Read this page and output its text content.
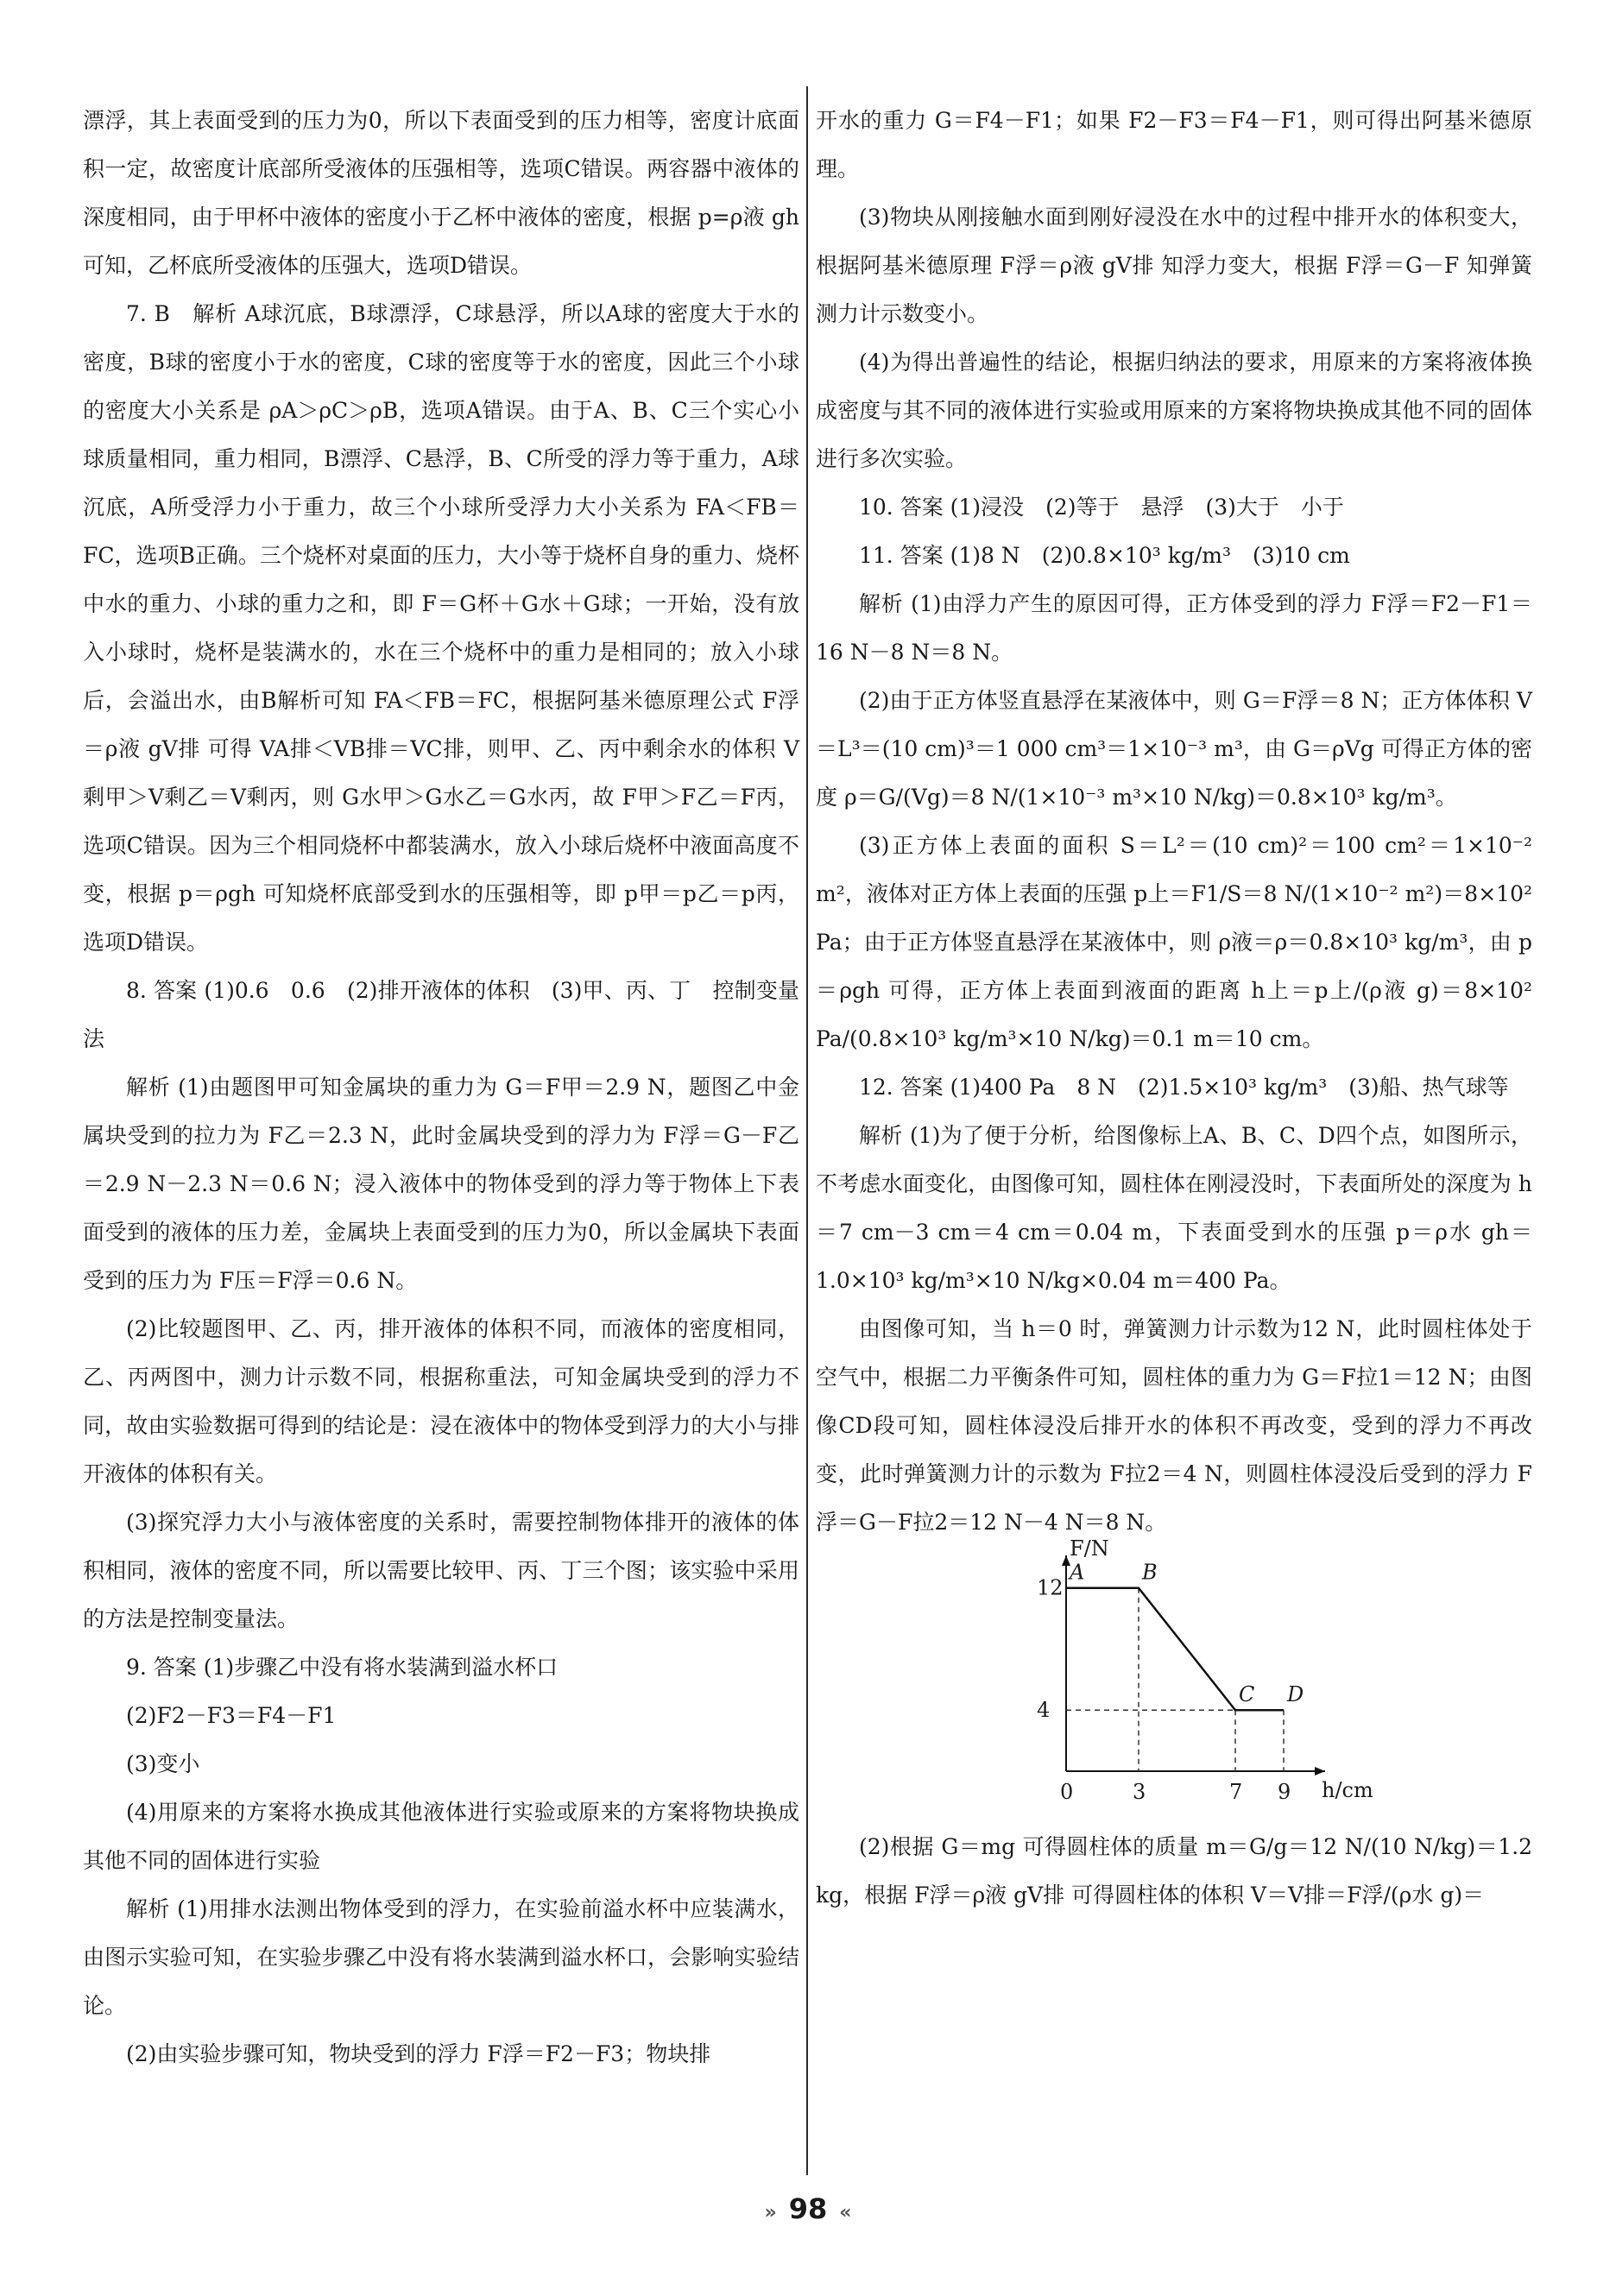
漂浮，其上表面受到的压力为0，所以下表面受到的压力相等，密度计底面积一定，故密度计底部所受液体的压强相等，选项C错误。两容器中液体的深度相同，由于甲杯中液体的密度小于乙杯中液体的密度，根据 p=ρ液 gh 可知，乙杯底所受液体的压强大，选项D错误。

7. B　解析 A球沉底，B球漂浮，C球悬浮，所以A球的密度大于水的密度，B球的密度小于水的密度，C球的密度等于水的密度，因此三个小球的密度大小关系是 ρA＞ρC＞ρB，选项A错误。由于A、B、C三个实心小球质量相同，重力相同，B漂浮、C悬浮，B、C所受的浮力等于重力，A球沉底，A所受浮力小于重力，故三个小球所受浮力大小关系为 FA＜FB＝FC，选项B正确。三个烧杯对桌面的压力，大小等于烧杯自身的重力、烧杯中水的重力、小球的重力之和，即 F＝G杯＋G水＋G球；一开始，没有放入小球时，烧杯是装满水的，水在三个烧杯中的重力是相同的；放入小球后，会溢出水，由B解析可知 FA＜FB＝FC，根据阿基米德原理公式 F浮＝ρ液 gV排 可得 VA排＜VB排＝VC排，则甲、乙、丙中剩余水的体积 V剩甲＞V剩乙＝V剩丙，则 G水甲＞G水乙＝G水丙，故 F甲＞F乙＝F丙，选项C错误。因为三个相同烧杯中都装满水，放入小球后烧杯中液面高度不变，根据 p＝ρgh 可知烧杯底部受到水的压强相等，即 p甲＝p乙＝p丙，选项D错误。

8. 答案 (1)0.6　0.6　(2)排开液体的体积　(3)甲、丙、丁　控制变量法

解析 (1)由题图甲可知金属块的重力为 G＝F甲＝2.9 N，题图乙中金属块受到的拉力为 F乙＝2.3 N，此时金属块受到的浮力为 F浮＝G－F乙＝2.9 N－2.3 N＝0.6 N；浸入液体中的物体受到的浮力等于物体上下表面受到的液体的压力差，金属块上表面受到的压力为0，所以金属块下表面受到的压力为 F压＝F浮＝0.6 N。

(2)比较题图甲、乙、丙，排开液体的体积不同，而液体的密度相同，乙、丙两图中，测力计示数不同，根据称重法，可知金属块受到的浮力不同，故由实验数据可得到的结论是：浸在液体中的物体受到浮力的大小与排开液体的体积有关。

(3)探究浮力大小与液体密度的关系时，需要控制物体排开的液体的体积相同，液体的密度不同，所以需要比较甲、丙、丁三个图；该实验中采用的方法是控制变量法。

9. 答案 (1)步骤乙中没有将水装满到溢水杯口

(2)F2－F3＝F4－F1

(3)变小

(4)用原来的方案将水换成其他液体进行实验或原来的方案将物块换成其他不同的固体进行实验

解析 (1)用排水法测出物体受到的浮力，在实验前溢水杯中应装满水，由图示实验可知，在实验步骤乙中没有将水装满到溢水杯口，会影响实验结论。

(2)由实验步骤可知，物块受到的浮力 F浮＝F2－F3；物块排

开水的重力 G＝F4－F1；如果 F2－F3＝F4－F1，则可得出阿基米德原理。

(3)物块从刚接触水面到刚好浸没在水中的过程中排开水的体积变大，根据阿基米德原理 F浮＝ρ液 gV排 知浮力变大，根据 F浮＝G－F 知弹簧测力计示数变小。

(4)为得出普遍性的结论，根据归纳法的要求，用原来的方案将液体换成密度与其不同的液体进行实验或用原来的方案将物块换成其他不同的固体进行多次实验。

10. 答案 (1)浸没　(2)等于　悬浮　(3)大于　小于

11. 答案 (1)8 N　(2)0.8×10³ kg/m³　(3)10 cm

解析 (1)由浮力产生的原因可得，正方体受到的浮力 F浮＝F2－F1＝16 N－8 N＝8 N。

(2)由于正方体竖直悬浮在某液体中，则 G＝F浮＝8 N；正方体体积 V＝L³＝(10 cm)³＝1 000 cm³＝1×10⁻³ m³，由 G＝ρVg 可得正方体的密度 ρ＝G/(Vg)＝8 N/(1×10⁻³ m³×10 N/kg)＝0.8×10³ kg/m³。

(3)正方体上表面的面积 S＝L²＝(10 cm)²＝100 cm²＝1×10⁻² m²，液体对正方体上表面的压强 p上＝F1/S＝8 N/(1×10⁻² m²)＝8×10² Pa；由于正方体竖直悬浮在某液体中，则 ρ液＝ρ＝0.8×10³ kg/m³，由 p＝ρgh 可得，正方体上表面到液面的距离 h上＝p上/(ρ液 g)＝8×10² Pa/(0.8×10³ kg/m³×10 N/kg)＝0.1 m＝10 cm。

12. 答案 (1)400 Pa　8 N　(2)1.5×10³ kg/m³　(3)船、热气球等

解析 (1)为了便于分析，给图像标上A、B、C、D四个点，如图所示，不考虑水面变化，由图像可知，圆柱体在刚浸没时，下表面所处的深度为 h＝7 cm－3 cm＝4 cm＝0.04 m，下表面受到水的压强 p＝ρ水 gh＝1.0×10³ kg/m³×10 N/kg×0.04 m＝400 Pa。

由图像可知，当 h＝0 时，弹簧测力计示数为12 N，此时圆柱体处于空气中，根据二力平衡条件可知，圆柱体的重力为 G＝F拉1＝12 N；由图像CD段可知，圆柱体浸没后排开水的体积不再改变，受到的浮力不再改变，此时弹簧测力计的示数为 F拉2＝4 N，则圆柱体浸没后受到的浮力 F浮＝G－F拉2＝12 N－4 N＝8 N。

h/cm
F/N
0	3	7 9
4
12
A	B
C D

(2)根据 G＝mg 可得圆柱体的质量 m＝G/g＝12 N/(10 N/kg)＝1.2 kg，根据 F浮＝ρ液 gV排 可得圆柱体的体积 V＝V排＝F浮/(ρ水 g)＝

» 98 «
